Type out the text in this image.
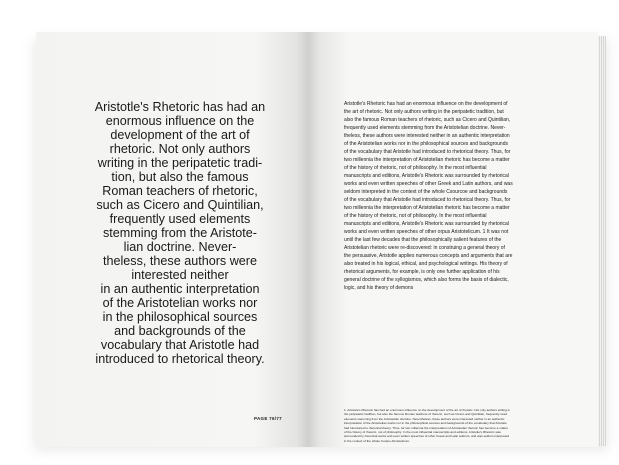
Aristotle's Rhetoric has had an
enormous influence on the
development of the art of
rhetoric. Not only authors
writing in the peripatetic tradi-
tion, but also the famous
Roman teachers of rhetoric,
such as Cicero and Quintilian,
frequently used elements
stemming from the Aristote-
lian doctrine. Never-
theless, these authors were
interested neither
in an authentic interpretation
of the Aristotelian works nor
in the philosophical sources
and backgrounds of the
vocabulary that Aristotle had
introduced to rhetorical theory.

PAGE 76/77

Aristotle's Rhetoric has had an enormous influence on the development of
the art of rhetoric. Not only authors writing in the peripatetic tradition, but
also the famous Roman teachers of rhetoric, such as Cicero and Quintilian,
frequently used elements stemming from the Aristotelian doctrine. Never-
theless, these authors were interested neither in an authentic interpretation
of the Aristotelian works nor in the philosophical sources and backgrounds
of the vocabulary that Aristotle had introduced to rhetorical theory. Thus, for
two millennia the interpretation of Aristotelian rhetoric has become a matter
of the history of rhetoric, not of philosophy. In the most influential
manuscripts and editions, Aristotle's Rhetoric was surrounded by rhetorical
works and even written speeches of other Greek and Latin authors, and was
seldom interpreted in the context of the whole Csourcoe and backgrounds
of the vocabulary that Aristotle had introduced to rhetorical theory. Thus, for
two millennia the interpretation of Aristotelian rhetoric has become a matter
of the history of rhetoric, not of philosophy. In the most influential
manuscripts and editions, Aristotle's Rhetoric was surrounded by rhetorical
works and even written speeches of other orpus Aristotelicum. 1 It was not
until the last few decades that the philosophically salient features of the
Aristotelian rhetoric were re-discovered: in construing a general theory of
the persuasive, Aristotle applies numerous concepts and arguments that are
also treated in his logical, ethical, and psychological writings. His theory of
rhetorical arguments, for example, is only one further application of his
general doctrine of the syllogismos, which also forms the basis of dialectic,
logic, and his theory of demons

1. Aristotle's Rhetoric has had an enormous influence on the development of the art of rhetoric. Not only authors writing in
the peripatetic tradition, but also the famous Roman teachers of rhetoric, such as Cicero and Quintilian, frequently used
elements stemming from the Aristotelian doctrine. Nevertheless, these authors were interested neither in an authentic
interpretation of the Aristotelian works nor in the philosophical sources and backgrounds of the vocabulary that Aristotle
had introduced to rhetorical theory. Thus, for two millennia the interpretation of Aristotelian rhetoric has become a matter
of the history of rhetoric, not of philosophy. In the most influential manuscripts and editions, Aristotle's Rhetoric was
surrounded by rhetorical works and even written speeches of other Greek and Latin authors, and was seldom interpreted
in the context of the whole Corpus Aristotelicum.
